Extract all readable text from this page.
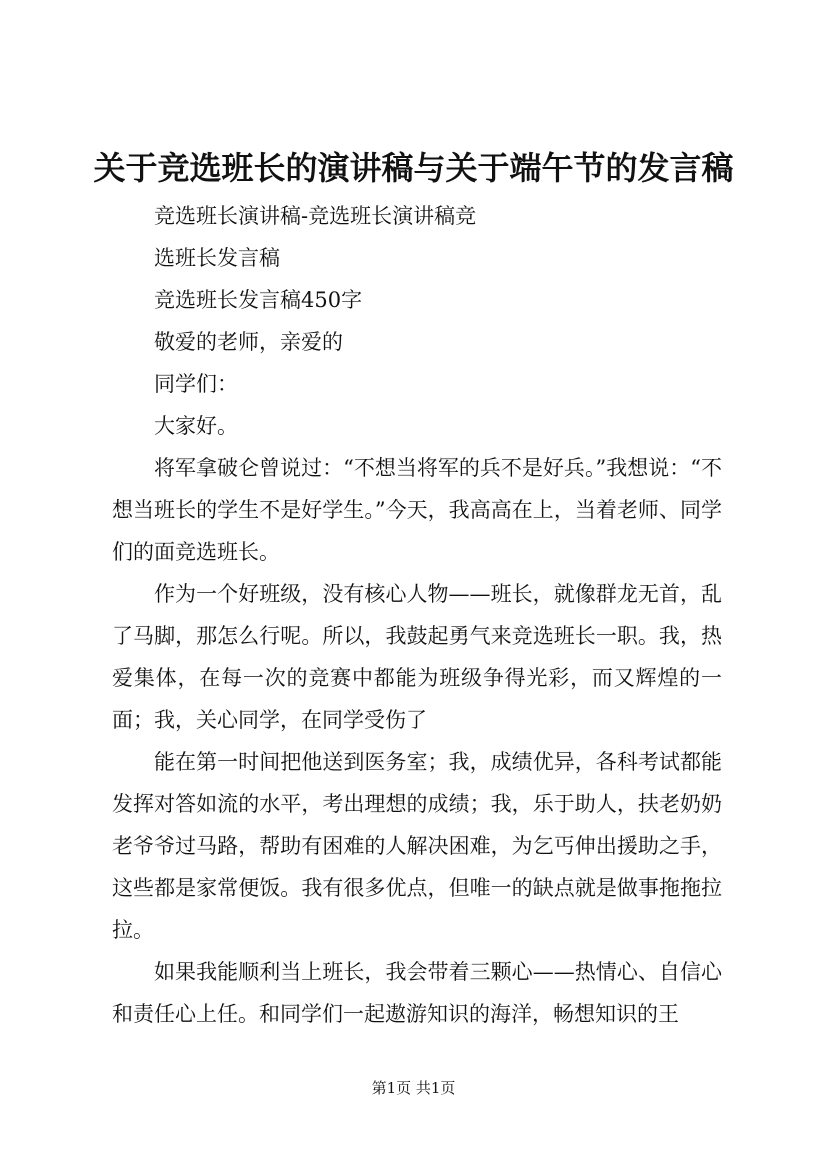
关于竞选班长的演讲稿与关于端午节的发言稿

竞选班长演讲稿-竞选班长演讲稿竞

选班长发言稿

竞选班长发言稿450字

敬爱的老师，亲爱的

同学们：

大家好。

将军拿破仑曾说过：“不想当将军的兵不是好兵。”我想说：“不想当班长的学生不是好学生。”今天，我高高在上，当着老师、同学们的面竞选班长。

作为一个好班级，没有核心人物——班长，就像群龙无首，乱了马脚，那怎么行呢。所以，我鼓起勇气来竞选班长一职。我，热爱集体，在每一次的竞赛中都能为班级争得光彩，而又辉煌的一面；我，关心同学，在同学受伤了

能在第一时间把他送到医务室；我，成绩优异，各科考试都能发挥对答如流的水平，考出理想的成绩；我，乐于助人，扶老奶奶老爷爷过马路，帮助有困难的人解决困难，为乞丐伸出援助之手，这些都是家常便饭。我有很多优点，但唯一的缺点就是做事拖拖拉拉。

如果我能顺利当上班长，我会带着三颗心——热情心、自信心和责任心上任。和同学们一起遨游知识的海洋，畅想知识的王

第1页 共1页
